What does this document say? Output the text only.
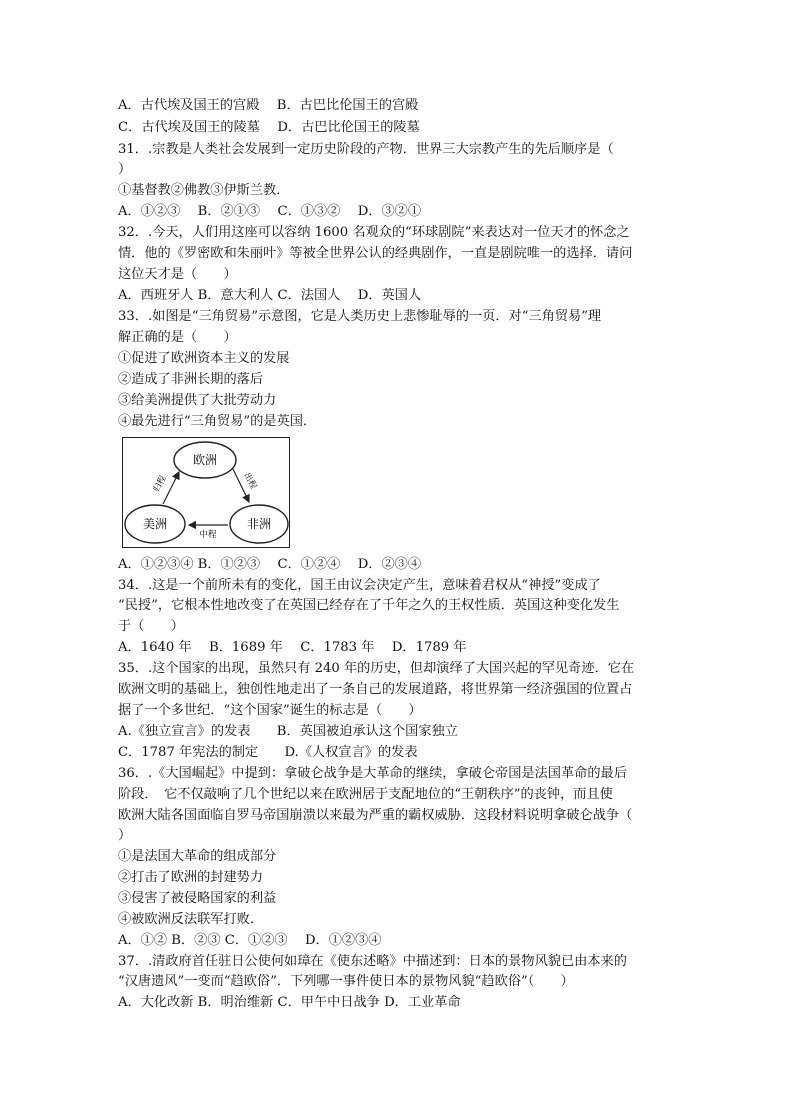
A．古代埃及国王的宫殿　 B．古巴比伦国王的宫殿
C．古代埃及国王的陵墓　 D．古巴比伦国王的陵墓
31．.宗教是人类社会发展到一定历史阶段的产物．世界三大宗教产生的先后顺序是（
）
①基督教②佛教③伊斯兰教．
A．①②③　 B．②①③　 C．①③②　 D．③②①
32．.今天，人们用这座可以容纳 1600 名观众的“环球剧院”来表达对一位天才的怀念之
情．他的《罗密欧和朱丽叶》等被全世界公认的经典剧作，一直是剧院唯一的选择．请问
这位天才是（　　）
A．西班牙人 B．意大利人 C．法国人　 D．英国人
33．.如图是“三角贸易”示意图，它是人类历史上悲惨耻辱的一页．对“三角贸易”理
解正确的是（　　）
①促进了欧洲资本主义的发展
②造成了非洲长期的落后
③给美洲提供了大批劳动力
④最先进行“三角贸易”的是英国．
欧洲
非洲
美洲
出程
中程
归程
A．①②③④ B．①②③　 C．①②④　 D．②③④
34．.这是一个前所未有的变化，国王由议会决定产生，意味着君权从“神授”变成了
“民授”，它根本性地改变了在英国已经存在了千年之久的王权性质．英国这种变化发生
于（　　）
A．1640 年　 B．1689 年　 C．1783 年　 D．1789 年
35．.这个国家的出现，虽然只有 240 年的历史，但却演绎了大国兴起的罕见奇迹．它在
欧洲文明的基础上，独创性地走出了一条自己的发展道路，将世界第一经济强国的位置占
据了一个多世纪．“这个国家”诞生的标志是（　　）
A.《独立宣言》的发表　　B．英国被迫承认这个国家独立
C．1787 年宪法的制定　　D.《人权宣言》的发表
36．.《大国崛起》中提到：拿破仑战争是大革命的继续，拿破仑帝国是法国革命的最后
阶段．　它不仅敲响了几个世纪以来在欧洲居于支配地位的“王朝秩序”的丧钟，而且使
欧洲大陆各国面临自罗马帝国崩溃以来最为严重的霸权威胁．这段材料说明拿破仑战争（
）
①是法国大革命的组成部分
②打击了欧洲的封建势力
③侵害了被侵略国家的利益
④被欧洲反法联军打败．
A．①② B．②③ C．①②③　 D．①②③④
37．.清政府首任驻日公使何如璋在《使东述略》中描述到：日本的景物风貌已由本来的
“汉唐遗风”一变而“趋欧俗”．下列哪一事件使日本的景物风貌“趋欧俗”（　　）
A．大化改新 B．明治维新 C．甲午中日战争 D．工业革命
